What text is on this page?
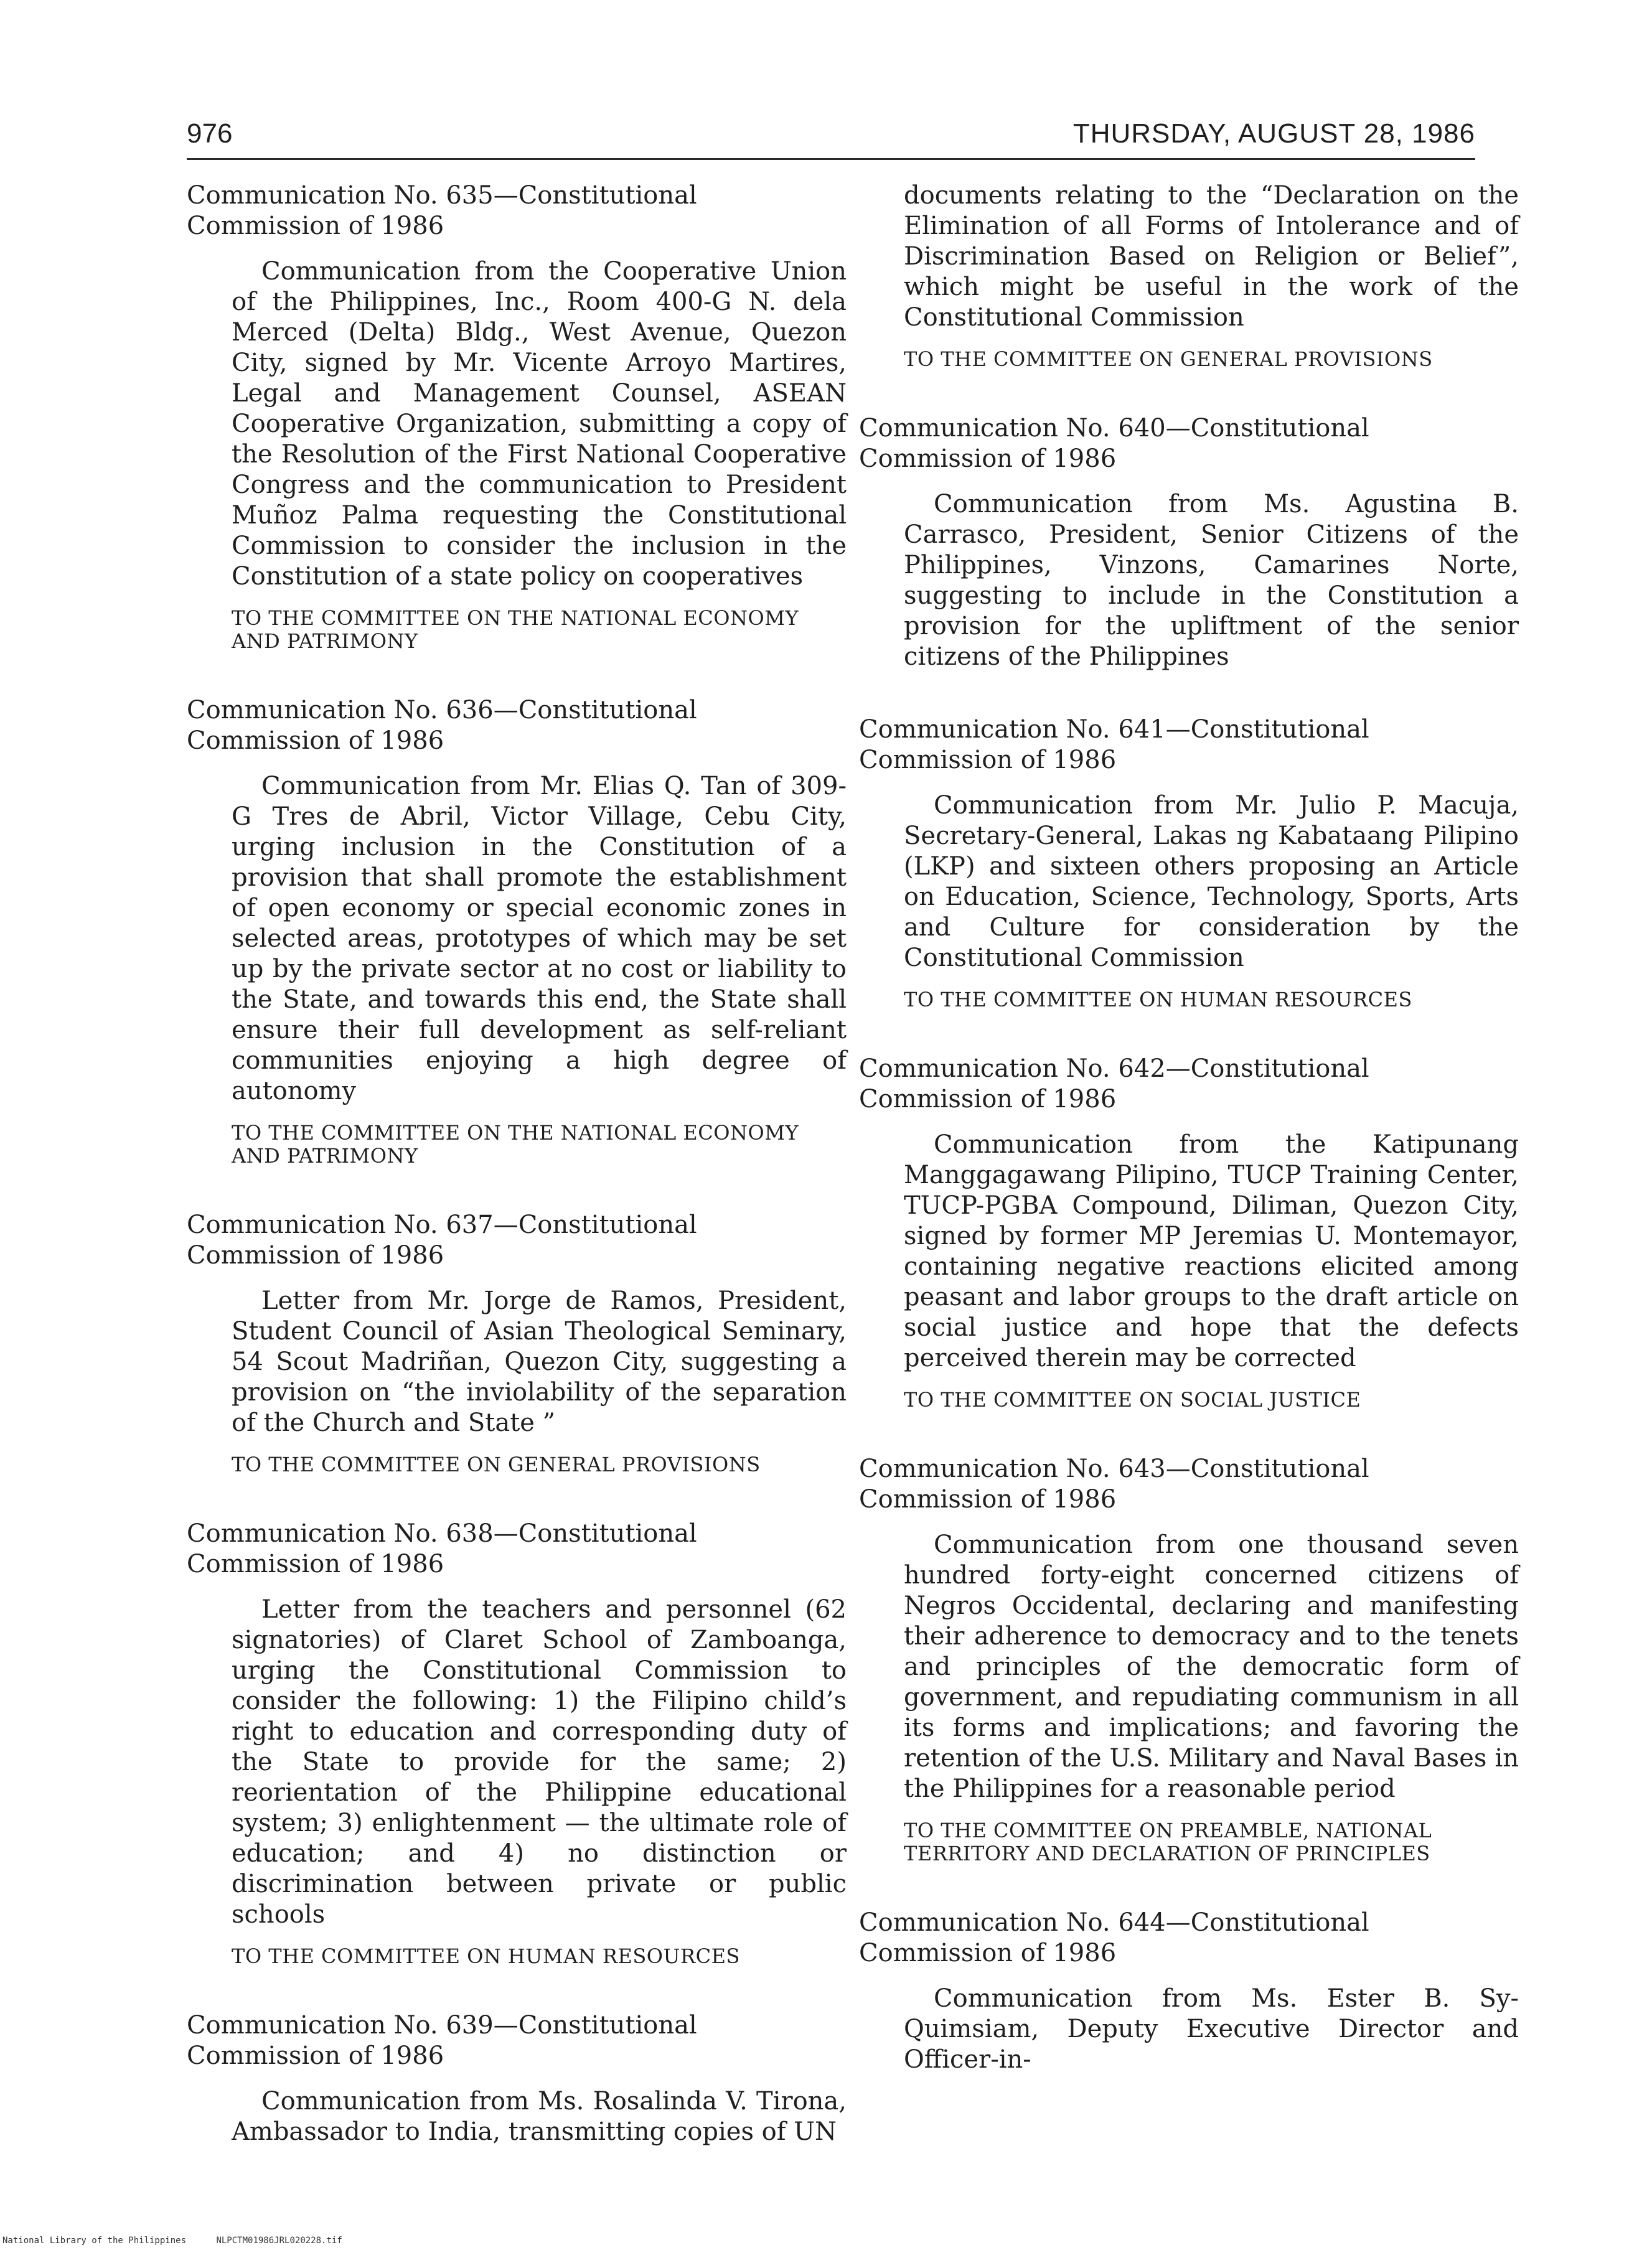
976	THURSDAY, AUGUST 28, 1986
Communication No. 635—Constitutional Commission of 1986
Communication from the Cooperative Union of the Philippines, Inc., Room 400-G N. dela Merced (Delta) Bldg., West Avenue, Quezon City, signed by Mr. Vicente Arroyo Martires, Legal and Management Counsel, ASEAN Cooperative Organization, submitting a copy of the Resolution of the First National Cooperative Congress and the communication to President Muñoz Palma requesting the Constitutional Commission to consider the inclusion in the Constitution of a state policy on cooperatives
TO THE COMMITTEE ON THE NATIONAL ECONOMY AND PATRIMONY
Communication No. 636—Constitutional Commission of 1986
Communication from Mr. Elias Q. Tan of 309-G Tres de Abril, Victor Village, Cebu City, urging inclusion in the Constitution of a provision that shall promote the establishment of open economy or special economic zones in selected areas, prototypes of which may be set up by the private sector at no cost or liability to the State, and towards this end, the State shall ensure their full development as self-reliant communities enjoying a high degree of autonomy
TO THE COMMITTEE ON THE NATIONAL ECONOMY AND PATRIMONY
Communication No. 637—Constitutional Commission of 1986
Letter from Mr. Jorge de Ramos, President, Student Council of Asian Theological Seminary, 54 Scout Madriñan, Quezon City, suggesting a provision on “the inviolability of the separation of the Church and State ”
TO THE COMMITTEE ON GENERAL PROVISIONS
Communication No. 638—Constitutional Commission of 1986
Letter from the teachers and personnel (62 signatories) of Claret School of Zamboanga, urging the Constitutional Commission to consider the following: 1) the Filipino child’s right to education and corresponding duty of the State to provide for the same; 2) reorientation of the Philippine educational system; 3) enlightenment — the ultimate role of education; and 4) no distinction or discrimination between private or public schools
TO THE COMMITTEE ON HUMAN RESOURCES
Communication No. 639—Constitutional Commission of 1986
Communication from Ms. Rosalinda V. Tirona, Ambassador to India, transmitting copies of UN
documents relating to the “Declaration on the Elimination of all Forms of Intolerance and of Discrimination Based on Religion or Belief”, which might be useful in the work of the Constitutional Commission
TO THE COMMITTEE ON GENERAL PROVISIONS
Communication No. 640—Constitutional Commission of 1986
Communication from Ms. Agustina B. Carrasco, President, Senior Citizens of the Philippines, Vinzons, Camarines Norte, suggesting to include in the Constitution a provision for the upliftment of the senior citizens of the Philippines
Communication No. 641—Constitutional Commission of 1986
Communication from Mr. Julio P. Macuja, Secretary-General, Lakas ng Kabataang Pilipino (LKP) and sixteen others proposing an Article on Education, Science, Technology, Sports, Arts and Culture for consideration by the Constitutional Commission
TO THE COMMITTEE ON HUMAN RESOURCES
Communication No. 642—Constitutional Commission of 1986
Communication from the Katipunang Manggagawang Pilipino, TUCP Training Center, TUCP-PGBA Compound, Diliman, Quezon City, signed by former MP Jeremias U. Montemayor, containing negative reactions elicited among peasant and labor groups to the draft article on social justice and hope that the defects perceived therein may be corrected
TO THE COMMITTEE ON SOCIAL JUSTICE
Communication No. 643—Constitutional Commission of 1986
Communication from one thousand seven hundred forty-eight concerned citizens of Negros Occidental, declaring and manifesting their adherence to democracy and to the tenets and principles of the democratic form of government, and repudiating communism in all its forms and implications; and favoring the retention of the U.S. Military and Naval Bases in the Philippines for a reasonable period
TO THE COMMITTEE ON PREAMBLE, NATIONAL TERRITORY AND DECLARATION OF PRINCIPLES
Communication No. 644—Constitutional Commission of 1986
Communication from Ms. Ester B. Sy-Quimsiam, Deputy Executive Director and Officer-in-
National Library of the Philippines	NLPCTM01986JRL020228.tif
